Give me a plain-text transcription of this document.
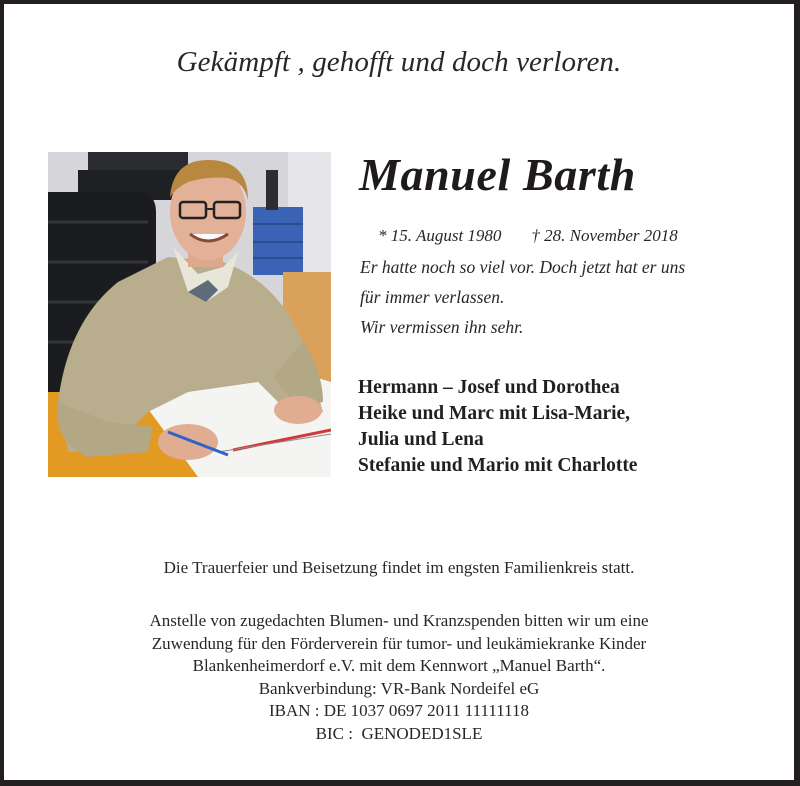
Gekämpft , gehofft und doch verloren.
Manuel Barth

* 15. August 1980 † 28. November 2018

Er hatte noch so viel vor. Doch jetzt hat er uns
für immer verlassen.
Wir vermissen ihn sehr.
Hermann – Josef und Dorothea
Heike und Marc mit Lisa-Marie,
Julia und Lena
Stefanie und Mario mit Charlotte
Die Trauerfeier und Beisetzung findet im engsten Familienkreis statt.
Anstelle von zugedachten Blumen- und Kranzspenden bitten wir um eine
Zuwendung für den Förderverein für tumor- und leukämiekranke Kinder
Blankenheimerdorf e.V. mit dem Kennwort „Manuel Barth“.
Bankverbindung: VR-Bank Nordeifel eG
IBAN : DE 1037 0697 2011 11111118
BIC :  GENODED1SLE
